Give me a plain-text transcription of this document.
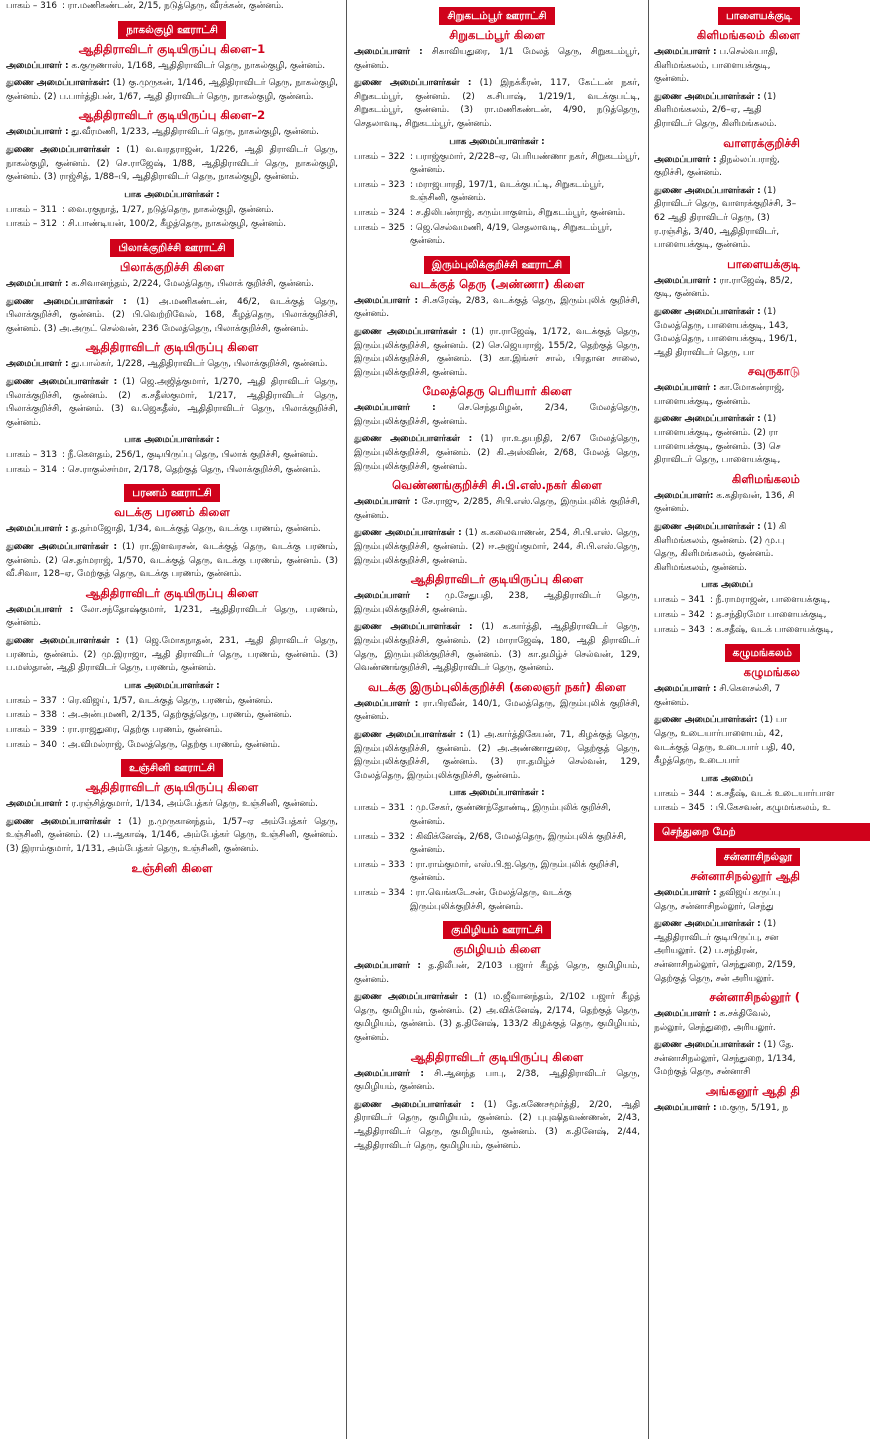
பாகம் – 316 : ரா.மணிகண்டன், 2/15, நடுத்தெரு, வீரக்கன், குன்னம்.
நாகல்குழி ஊராட்சி
ஆதிதிராவிடர் குடியிருப்பு கிளை–1
அமைப்பாளர் : க.குருணாஸ், 1/168, ஆதிதிராவிடர் தெரு, நாகல்குழி, குன்னம்.
துணை அமைப்பாளர்கள்: (1) கு.முருகன், 1/146, ஆதிதிராவிடர் தெரு, நாகல்குழி, குன்னம். (2) ப.பார்த்திபன், 1/67, ஆதி திராவிடர் தெரு, நாகல்குழி, குன்னம்.
ஆதிதிராவிடர் குடியிருப்பு கிளை–2
அமைப்பாளர் : து.வீரமணி, 1/233, ஆதிதிராவிடர் தெரு, நாகல்குழி, குன்னம்.
துணை அமைப்பாளர்கள் : (1) வ.வரதராஜன், 1/226, ஆதி திராவிடர் தெரு, நாகல்குழி, குன்னம். (2) செ.ராஜேஷ், 1/88, ஆதிதிராவிடர் தெரு, நாகல்குழி, குன்னம். (3) ராஜ்சித், 1/88–பி, ஆதிதிராவிடர் தெரு, நாகல்குழி, குன்னம்.
பாக அமைப்பாளர்கள் :
பாகம் – 311 : வை.ரகுநாத், 1/27, நடுத்தெரு, நாகல்குழி, குன்னம்.
பாகம் – 312 : சி.பாண்டியன், 100/2, கீழத்தெரு, நாகல்குழி, குன்னம்.
பிலாக்குறிச்சி ஊராட்சி
பிலாக்குறிச்சி கிளை
அமைப்பாளர் : க.சிவானந்தம், 2/224, மேலத்தெரு, பிலாக் குறிச்சி, குன்னம்.
துணை அமைப்பாளர்கள் : (1) அ.மணிகண்டன், 46/2, வடக்குத் தெரு, பிலாக்குறிச்சி, குன்னம். (2) பி.வெற்றிவேல், 168, கீழத்தெரு, பிலாக்குறிச்சி, குன்னம். (3) அ.அருட் செல்வன், 236 மேலத்தெரு, பிலாக்குறிச்சி, குன்னம்.
ஆதிதிராவிடர் குடியிருப்பு கிளை
அமைப்பாளர் : து.பால்கர், 1/228, ஆதிதிராவிடர் தெரு, பிலாக்குறிச்சி, குன்னம்.
துணை அமைப்பாளர்கள் : (1) ஜெ.அஜித்குமார், 1/270, ஆதி திராவிடர் தெரு, பிலாக்குறிச்சி, குன்னம். (2) க.சதீஸ்குமார், 1/217, ஆதிதிராவிடர் தெரு, பிலாக்குறிச்சி, குன்னம். (3) வ.ஜெகதீஸ், ஆதிதிராவிடர் தெரு, பிலாக்குறிச்சி, குன்னம்.
பாக அமைப்பாளர்கள் :
பாகம் – 313 : நீ.கௌதம், 256/1, குடியிருப்பு தெரு, பிலாக் குறிச்சி, குன்னம்.
பாகம் – 314 : செ.ராகுல்சர்மா, 2/178, தெற்குத் தெரு, பிலாக்குறிச்சி, குன்னம்.
பரணம் ஊராட்சி
வடக்கு பரணம் கிளை
அமைப்பாளர் : த.தர்மஜோதி, 1/34, வடக்குத் தெரு, வடக்கு பரணம், குன்னம்.
துணை அமைப்பாளர்கள் : (1) ரா.இளவரசன், வடக்குத் தெரு, வடக்கு பரணம், குன்னம். (2) செ.தர்மராஜ், 1/570, வடக்குத் தெரு, வடக்கு பரணம், குன்னம். (3) வீ.சிவா, 128–ஏ, மேற்குத் தெரு, வடக்கு பரணம், குன்னம்.
ஆதிதிராவிடர் குடியிருப்பு கிளை
அமைப்பாளர் : லோ.சந்தோஷ்குமார், 1/231, ஆதிதிராவிடர் தெரு, பரணம், குன்னம்.
துணை அமைப்பாளர்கள் : (1) ஜெ.மோகநாதன், 231, ஆதி திராவிடர் தெரு, பரணம், குன்னம். (2) மு.இராஜா, ஆதி திராவிடர் தெரு, பரணம், குன்னம். (3) ப.மஸ்தான், ஆதி திராவிடர் தெரு, பரணம், குன்னம்.
பாக அமைப்பாளர்கள் :
பாகம் – 337 : ரெ.விஜய், 1/57, வடக்குத் தெரு, பரணம், குன்னம்.
பாகம் – 338 : அ.அன்புமணி, 2/135, தெற்குத்தெரு, பரணம், குன்னம்.
பாகம் – 339 : ரா.ராஜதுரை, தெற்கு பரணம், குன்னம்.
பாகம் – 340 : அ.விமல்ராஜ், மேலத்தெரு, தெற்கு பரணம், குன்னம்.
உஞ்சினி ஊராட்சி
ஆதிதிராவிடர் குடியிருப்பு கிளை
அமைப்பாளர் : ர.ரஞ்சித்குமார், 1/134, அம்பேத்கர் தெரு, உஞ்சினி, குன்னம்.
துணை அமைப்பாளர்கள் : (1) ந.முருகானந்தம், 1/57–ஏ அம்பேத்கர் தெரு, உஞ்சினி, குன்னம். (2) ப.ஆகாஷ், 1/146, அம்பேத்கர் தெரு, உஞ்சினி, குன்னம். (3) இராம்குமார், 1/131, அம்பேத்கர் தெரு, உஞ்சினி, குன்னம்.
உஞ்சினி கிளை
சிறுகடம்பூர் ஊராட்சி
சிறுகடம்பூர் கிளை
அமைப்பாளர் : சிகாவியதுரை, 1/1 மேலத் தெரு, சிறுகடம்பூர், குன்னம்.
துணை அமைப்பாளர்கள் : (1) இநக்கீரன், 117, கேட்டன் நகர், சிறுகடம்பூர், குன்னம். (2) க.சிபாஷ், 1/219/1, வடக்குபட்டி, சிறுகடம்பூர், குன்னம். (3) ரா.மணிகண்டன், 4/90, நடுத்தெரு, செதலாவடி, சிறுகடம்பூர், குன்னம்.
பாக அமைப்பாளர்கள் :
பாகம் – 322 : பராஜ்குமார், 2/228–ஏ, பெரியண்ணா நகர், சிறுகடம்பூர், குன்னம்.
பாகம் – 323 : மராஜபாரதி, 197/1, வடக்குபட்டி, சிறுகடம்பூர், உஞ்சினி, குன்னம்.
பாகம் – 324 : ச.திலிபன்ராஜ், கரும்பாகுளம், சிறுகடம்பூர், குன்னம்.
பாகம் – 325 : ஜெ.செல்வமணி, 4/19, செதலாவடி, சிறுகடம்பூர், குன்னம்.
இரும்புலிக்குறிச்சி ஊராட்சி
வடக்குத் தெரு (அண்ணா) கிளை
அமைப்பாளர் : சி.சுரேஷ், 2/83, வடக்குத் தெரு, இரும்புலிக் குறிச்சி, குன்னம்.
துணை அமைப்பாளர்கள் : (1) ரா.ராஜேஷ், 1/172, வடக்குத் தெரு, இரும்புலிக்குறிச்சி, குன்னம். (2) செ.ஜெயராஜ், 155/2, தெற்குத் தெரு, இரும்புலிக்குறிச்சி, குன்னம். (3) கா.இங்சர் சால், பிரதான சாலை, இரும்புலிக்குறிச்சி, குன்னம்.
மேலத்தெரு பெரியார் கிளை
அமைப்பாளர் : செ.செந்தமிழன், 2/34, மேலத்தெரு, இரும்புலிக்குறிச்சி, குன்னம்.
துணை அமைப்பாளர்கள் : (1) ரா.உதயநிதி, 2/67 மேலத்தெரு, இரும்புலிக்குறிச்சி, குன்னம். (2) கி.அஸ்வின், 2/68, மேலத் தெரு, இரும்புலிக்குறிச்சி, குன்னம்.
வெண்ணங்குறிச்சி சி.பி.எஸ்.நகர் கிளை
அமைப்பாளர் : சே.ராஜு, 2/285, சிபி.எஸ்.தெரு, இரும்புலிக் குறிச்சி, குன்னம்.
துணை அமைப்பாளர்கள் : (1) க.கலைவாணன், 254, சி.பி.எஸ். தெரு, இரும்புலிக்குறிச்சி, குன்னம். (2) ஈ.அஜய்குமார், 244, சி.பி.எஸ்.தெரு, இரும்புலிக்குறிச்சி, குன்னம்.
ஆதிதிராவிடர் குடியிருப்பு கிளை
அமைப்பாளர் : மு.சேதுபதி, 238, ஆதிதிராவிடர் தெரு, இரும்புலிக்குறிச்சி, குன்னம்.
துணை அமைப்பாளர்கள் : (1) க.கார்த்தி, ஆதிதிராவிடர் தெரு, இரும்புலிக்குறிச்சி, குன்னம். (2) மாராஜேஷ், 180, ஆதி திராவிடர் தெரு, இரும்புலிக்குறிச்சி, குன்னம். (3) கா.தமிழ்ச் செல்வன், 129, வெண்ணங்குறிச்சி, ஆதிதிராவிடர் தெரு, குன்னம்.
வடக்கு இரும்புலிக்குறிச்சி (கலைஞர் நகர்) கிளை
அமைப்பாளர் : ரா.பிரவீன், 140/1, மேலத்தெரு, இரும்புலிக் குறிச்சி, குன்னம்.
துணை அமைப்பாளர்கள் : (1) அ.கார்த்திகேயன், 71, கிழக்குத் தெரு, இரும்புலிக்குறிச்சி, குன்னம். (2) அ.அண்ணாதுரை, தெற்குத் தெரு, இரும்புலிக்குறிச்சி, குன்னம். (3) ரா.தமிழ்ச் செல்வன், 129, மேலத்தெரு, இரும்புலிக்குறிச்சி, குன்னம்.
பாக அமைப்பாளர்கள் :
பாகம் – 331 : மு.சேகர், குண்ணந்தோண்டி, இரும்புலிக் குறிச்சி, குன்னம்.
பாகம் – 332 : கிவிக்னேஷ், 2/68, மேலத்தெரு, இரும்புலிக் குறிச்சி, குன்னம்.
பாகம் – 333 : ரா.ராம்குமார், எஸ்.பி.ஐ.தெரு, இரும்புலிக் குறிச்சி, குன்னம்.
பாகம் – 334 : ரா.வெங்கடேசன், மேலத்தெரு, வடக்கு இரும்புலிக்குறிச்சி, குன்னம்.
குமிழியம் ஊராட்சி
குமிழியம் கிளை
அமைப்பாளர் : த.திலீபன், 2/103 பஜார் கீழத் தெரு, குமிழியம், குன்னம்.
துணை அமைப்பாளர்கள் : (1) ம.ஜீவானந்தம், 2/102 பஜார் கீழத் தெரு, குமிழியம், குன்னம். (2) அ.விக்னேஷ், 2/174, தெற்குத் தெரு, குமிழியம், குன்னம். (3) த.தினேஷ், 133/2 கிழக்குத் தெரு, குமிழியம், குன்னம்.
ஆதிதிராவிடர் குடியிருப்பு கிளை
அமைப்பாளர் : சி.ஆனந்த பாபு, 2/38, ஆதிதிராவிடர் தெரு, குமிழியம், குன்னம்.
துணை அமைப்பாளர்கள் : (1) தே.கணேசமூர்த்தி, 2/20, ஆதி திராவிடர் தெரு, குமிழியம், குன்னம். (2) புபுஷிதவண்ணன், 2/43, ஆதிதிராவிடர் தெரு, குமிழியம், குன்னம். (3) க.தினேஷ், 2/44, ஆதிதிராவிடர் தெரு, குமிழியம், குன்னம்.
பாளையக்குடி
கிளிமங்கலம் கிளை
அமைப்பாளர் : ப.செல்வபாதி, கிளிமங்கலம், பாளையக்குடி, குன்னம்.
துணை அமைப்பாளர்கள் : (1) கிளிமங்கலம், 2/6–ஏ, ஆதி திராவிடர் தெரு, கிளிமங்கலம்.
வாளரக்குறிச்சி
அமைப்பாளர் : திநல்லப்பராஜ், குறிச்சி, குன்னம்.
துணை அமைப்பாளர்கள் : (1) திராவிடர் தெரு, வாளரக்குறிச்சி, 3–62 ஆதி திராவிடர் தெரு, (3) ர.ரஞ்சித், 3/40, ஆதிதிராவிடர், பாளையக்குடி, குன்னம்.
பாளையக்குடி
அமைப்பாளர் : ரா.ராஜேஷ், 85/2, குடி, குன்னம்.
துணை அமைப்பாளர்கள் : (1) மேலத்தெரு, பாளையக்குடி, 143, மேலத்தெரு, பாளையக்குடி, 196/1, ஆதி திராவிடர் தெரு, பா
சவுருகாடு
அமைப்பாளர் : கா.மோகன்ராஜ், பாளையக்குடி, குன்னம்.
துணை அமைப்பாளர்கள் : (1) பாளையக்குடி, குன்னம். (2) ரா பாளையக்குடி, குன்னம். (3) செ திராவிடர் தெரு, பாளையக்குடி,
கிளிமங்கலம்
அமைப்பாளர்: க.கதிரவன், 136, சி குன்னம்.
துணை அமைப்பாளர்கள் : (1) கி கிளிமங்கலம், குன்னம். (2) மு.பு தெரு, கிளிமங்கலம், குன்னம். கிளிமங்கலம், குன்னம்.
பாக அமைப்
பாகம் – 341 : நீ.ராமராஜன், பாளையக்குடி,
பாகம் – 342 : த.சந்திரமோ பாளையக்குடி,
பாகம் – 343 : க.சதீஷ், வடக் பாளையக்குடி,
கழுமங்கலம்
கழுமங்கல
அமைப்பாளர் : சி.கௌசல்சி, 7 குன்னம்.
துணை அமைப்பாளர்கள்: (1) பா தெரு, உடையார்பாளையம், 42, வடக்குத் தெரு, உடையார் பதி, 40, கீழத்தெரு, உடையார்
பாக அமைப்
பாகம் – 344 : க.சதீஷ், வடக் உடையார்பாள
பாகம் – 345 : பி.கேசவன், கழுமங்கலம், உ
செந்துறை மேற்
சன்னாசிநல்லூ
சன்னாசிநல்லூர் ஆதி
அமைப்பாளர் : தவிஜய் கருப்பு தெரு, சன்னாசிநல்லூர், செந்து
துணை அமைப்பாளர்கள் : (1) ஆதிதிராவிடர் குடியிருப்பு, சன அரியலூர். (2) ப.சந்திரன், சன்னாசிநல்லூர், செந்துறை, 2/159, தெற்குத் தெரு, சன் அரியலூர்.
சன்னாசிநல்லூர் (
அமைப்பாளர் : க.சக்திவேல், நல்லூர், செந்துறை, அரியலூர்.
துணை அமைப்பாளர்கள் : (1) தே. சன்னாசிநல்லூர், செந்துறை, 1/134, மேற்குத் தெரு, சன்னாசி
அங்கனூர் ஆதி தி
அமைப்பாளர் : ம.குரு, 5/191, ந
